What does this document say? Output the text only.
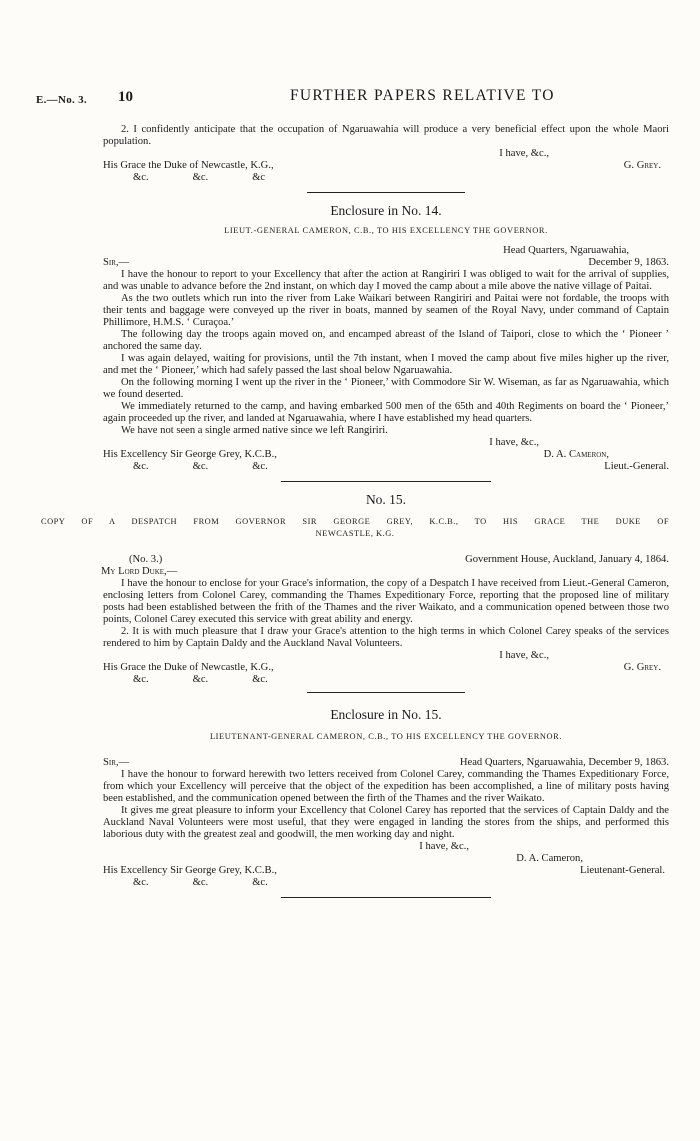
E.—No. 3. 10	FURTHER PAPERS RELATIVE TO

2. I confidently anticipate that the occupation of Ngaruawahia will produce a very beneficial effect upon the whole Maori population.

I have, &c.,

His Grace the Duke of Newcastle, K.G.,	G. Grey.
&c.	&c.	&c
Enclosure in No. 14.
LIEUT.-GENERAL CAMERON, C.B., TO HIS EXCELLENCY THE GOVERNOR.

Head Quarters, Ngaruawahia,

Sir,—	December 9, 1863.

I have the honour to report to your Excellency that after the action at Rangiriri I was obliged to wait for the arrival of supplies, and was unable to advance before the 2nd instant, on which day I moved the camp about a mile above the native village of Paitai.

As the two outlets which run into the river from Lake Waikari between Rangiriri and Paitai were not fordable, the troops with their tents and baggage were conveyed up the river in boats, manned by seamen of the Royal Navy, under command of Captain Phillimore, H.M.S. ‘ Curaçoa.’

The following day the troops again moved on, and encamped abreast of the Island of Taipori, close to which the ‘ Pioneer ’ anchored the same day.

I was again delayed, waiting for provisions, until the 7th instant, when I moved the camp about five miles higher up the river, and met the ‘ Pioneer,’ which had safely passed the last shoal below Ngaruawahia.

On the following morning I went up the river in the ‘ Pioneer,’ with Commodore Sir W. Wiseman, as far as Ngaruawahia, which we found deserted.

We immediately returned to the camp, and having embarked 500 men of the 65th and 40th Regiments on board the ‘ Pioneer,’ again proceeded up the river, and landed at Ngaruawahia, where I have established my head quarters.

We have not seen a single armed native since we left Rangiriri.

I have, &c.,

His Excellency Sir George Grey, K.C.B.,	D. A. Cameron,
&c.	&c.	&c.	Lieut.-General.
No. 15.
COPY OF A DESPATCH FROM GOVERNOR SIR GEORGE GREY, K.C.B., TO HIS GRACE THE DUKE OF
NEWCASTLE, K.G.
(No. 3.)	Government House, Auckland, January 4, 1864.
My Lord Duke,—

I have the honour to enclose for your Grace's information, the copy of a Despatch I have received from Lieut.-General Cameron, enclosing letters from Colonel Carey, commanding the Thames Expeditionary Force, reporting that the proposed line of military posts had been established between the frith of the Thames and the river Waikato, and a communication opened between those two points, Colonel Carey executed this service with great ability and energy.

2. It is with much pleasure that I draw your Grace's attention to the high terms in which Colonel Carey speaks of the services rendered to him by Captain Daldy and the Auckland Naval Volunteers.

I have, &c.,

His Grace the Duke of Newcastle, K.G.,	G. Grey.
&c.	&c.	&c.
Enclosure in No. 15.
LIEUTENANT-GENERAL CAMERON, C.B., TO HIS EXCELLENCY THE GOVERNOR.
Sir,—	Head Quarters, Ngaruawahia, December 9, 1863.

I have the honour to forward herewith two letters received from Colonel Carey, commanding the Thames Expeditionary Force, from which your Excellency will perceive that the object of the expedition has been accomplished, a line of military posts having been established, and the communication opened between the firth of the Thames and the river Waikato.

It gives me great pleasure to inform your Excellency that Colonel Carey has reported that the services of Captain Daldy and the Auckland Naval Volunteers were most useful, that they were engaged in landing the stores from the ships, and performed this laborious duty with the greatest zeal and goodwill, the men working day and night.

I have, &c.,

D. A. Cameron,

His Excellency Sir George Grey, K.C.B.,	Lieutenant-General.
&c.	&c.	&c.
